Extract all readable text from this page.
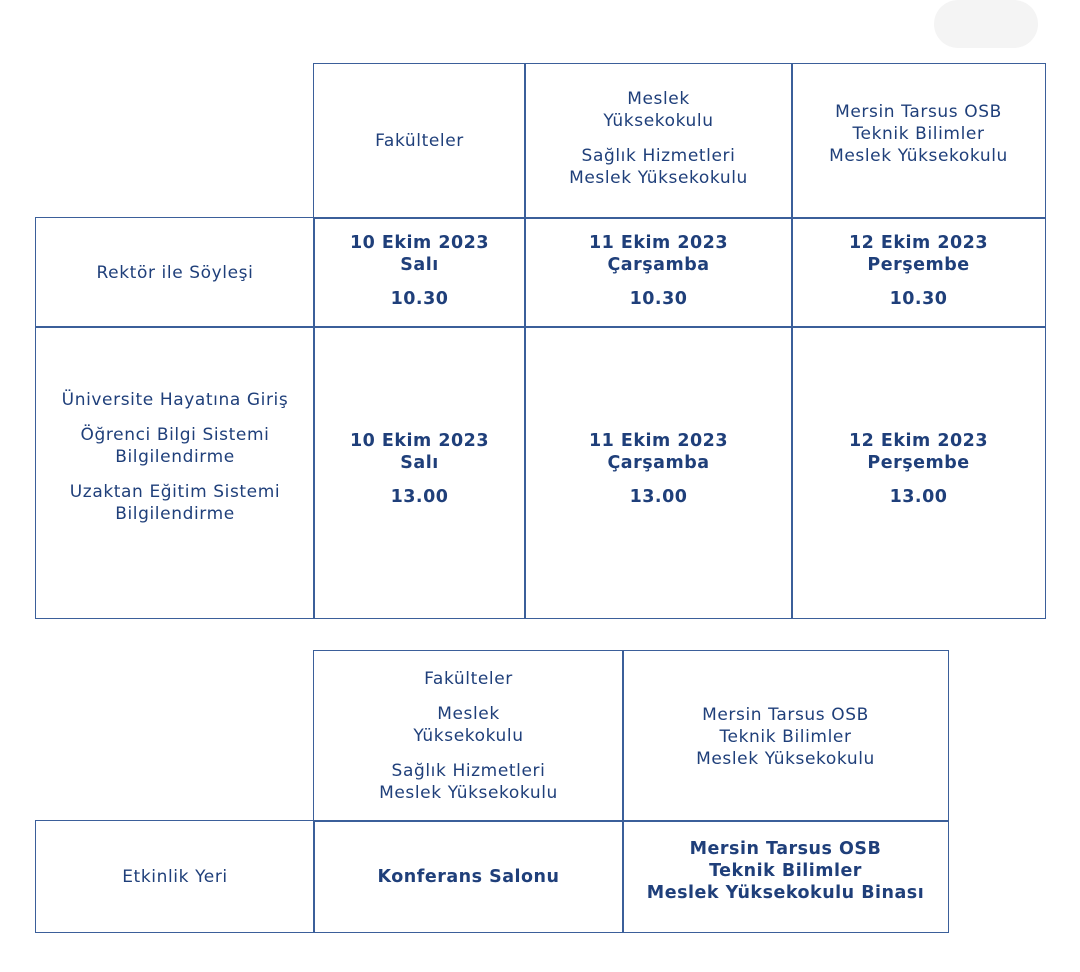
Fakülteler
Meslek
Yüksekokulu
Sağlık Hizmetleri
Meslek Yüksekokulu
Mersin Tarsus OSB
Teknik Bilimler
Meslek Yüksekokulu
Rektör ile Söyleşi
10 Ekim 2023
Salı
10.30
11 Ekim 2023
Çarşamba
10.30
12 Ekim 2023
Perşembe
10.30
Üniversite Hayatına Giriş
Öğrenci Bilgi Sistemi
Bilgilendirme
Uzaktan Eğitim Sistemi
Bilgilendirme
10 Ekim 2023
Salı
13.00
11 Ekim 2023
Çarşamba
13.00
12 Ekim 2023
Perşembe
13.00
Fakülteler
Meslek
Yüksekokulu
Sağlık Hizmetleri
Meslek Yüksekokulu
Mersin Tarsus OSB
Teknik Bilimler
Meslek Yüksekokulu
Etkinlik Yeri	Konferans Salonu
Mersin Tarsus OSB
Teknik Bilimler
Meslek Yüksekokulu Binası
